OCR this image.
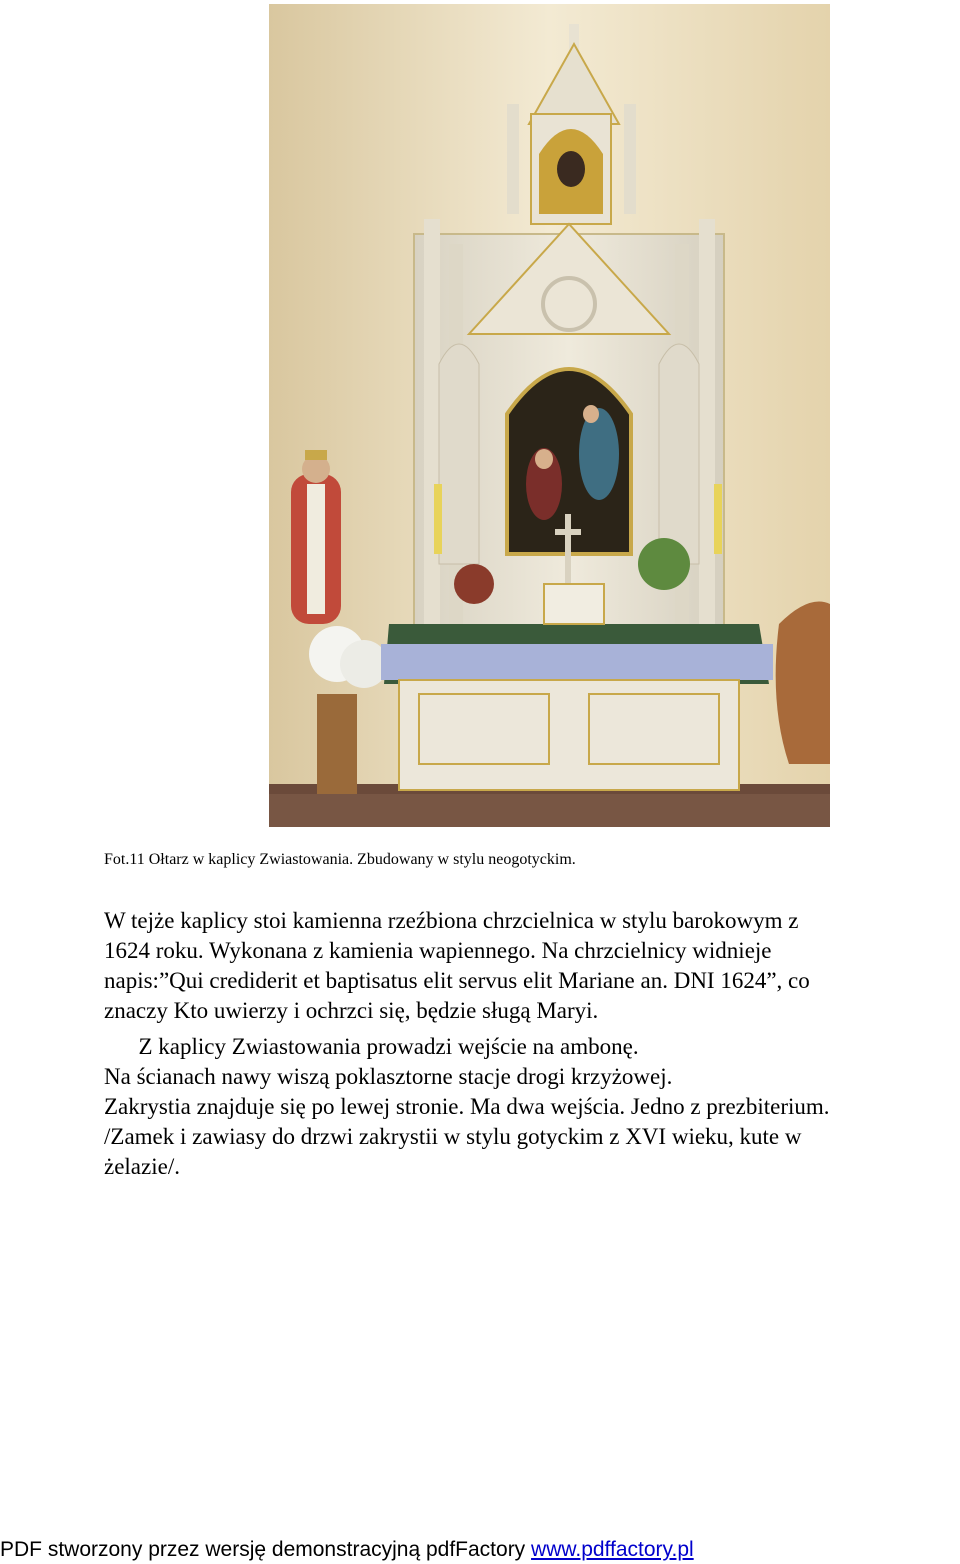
Fot.11 Ołtarz w kaplicy Zwiastowania. Zbudowany w stylu neogotyckim.
W tejże kaplicy stoi kamienna rzeźbiona chrzcielnica w stylu barokowym z
1624 roku. Wykonana z kamienia wapiennego. Na chrzcielnicy widnieje
napis:”Qui crediderit et baptisatus elit servus elit Mariane an. DNI 1624”, co
znaczy Kto uwierzy i ochrzci się, będzie sługą Maryi.
Z kaplicy Zwiastowania prowadzi wejście na ambonę.
Na ścianach nawy wiszą poklasztorne stacje drogi krzyżowej.
Zakrystia znajduje się po lewej stronie. Ma dwa wejścia. Jedno z prezbiterium.
/Zamek i zawiasy do drzwi zakrystii w stylu gotyckim z XVI wieku, kute w
żelazie/.
PDF stworzony przez wersję demonstracyjną pdfFactory www.pdffactory.pl
